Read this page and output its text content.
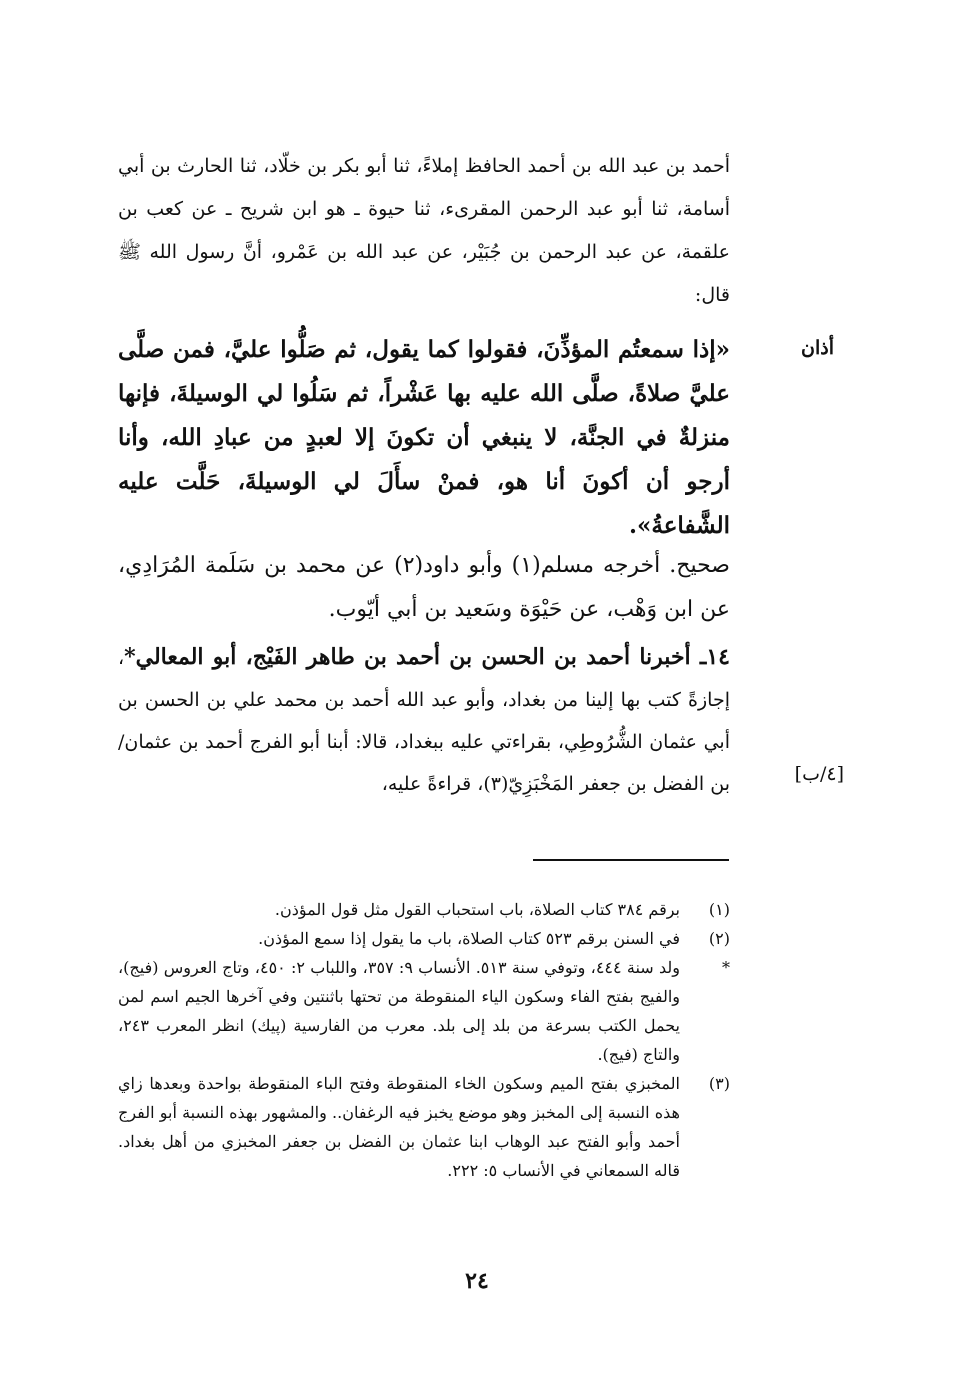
أذان
[٤/ب]

أحمد بن عبد الله بن أحمد الحافظ إملاءً، ثنا أبو بكر بن خلّاد، ثنا الحارث بن أبي أسامة، ثنا أبو عبد الرحمن المقرىء، ثنا حيوة ـ هو ابن شريح ـ عن كعب بن علقمة، عن عبد الرحمن بن جُبَيْر، عن عبد الله بن عَمْرو، أنَّ رسول الله ﷺ قال:

«إذا سمعتُم المؤذِّنَ، فقولوا كما يقول، ثم صَلُّوا عليَّ، فمن صلَّى عليَّ صلاةً، صلَّى الله عليه بها عَشْراً، ثم سَلُوا لي الوسيلةَ، فإنها منزلةٌ في الجنَّة، لا ينبغي أن تكونَ إلا لعبدٍ من عبادِ الله، وأنا أرجو أن أكونَ أنا هو، فمنْ سأَلَ لي الوسيلةَ، حَلَّت عليه الشَّفاعةُ».

صحيح. أخرجه مسلم(١) وأبو داود(٢) عن محمد بن سَلَمة المُرَادِي، عن ابن وَهْب، عن حَيْوَة وسَعيد بن أبي أيّوب.

١٤ـ أخبرنا أحمد بن الحسن بن أحمد بن طاهر الفَيْج، أبو المعالي*، إجازةً كتب بها إلينا من بغداد، وأبو عبد الله أحمد بن محمد علي بن الحسن بن أبي عثمان الشُّرُوطِي، بقراءتي عليه ببغداد، قالا: أبنا أبو الفرج أحمد بن عثمان/ بن الفضل بن جعفر المَخْبَزِيّ(٣)، قراءةً عليه،

(١)
برقم ٣٨٤ كتاب الصلاة، باب استحباب القول مثل قول المؤذن.
(٢)
في السنن برقم ٥٢٣ كتاب الصلاة، باب ما يقول إذا سمع المؤذن.
*
ولد سنة ٤٤٤، وتوفي سنة ٥١٣. الأنساب ٩: ٣٥٧، واللباب ٢: ٤٥٠، وتاج العروس (فيج)، والفيج بفتح الفاء وسكون الياء المنقوطة من تحتها باثنتين وفي آخرها الجيم اسم لمن يحمل الكتب بسرعة من بلد إلى بلد. معرب من الفارسية (پيك) انظر المعرب ٢٤٣، والتاج (فيج).
(٣)
المخبزي بفتح الميم وسكون الخاء المنقوطة وفتح الباء المنقوطة بواحدة وبعدها زاي هذه النسبة إلى المخبز وهو موضع يخبز فيه الرغفان.. والمشهور بهذه النسبة أبو الفرج أحمد وأبو الفتح عبد الوهاب ابنا عثمان بن الفضل بن جعفر المخبزي من أهل بغداد. قاله السمعاني في الأنساب ٥: ٢٢٢.
٢٤
